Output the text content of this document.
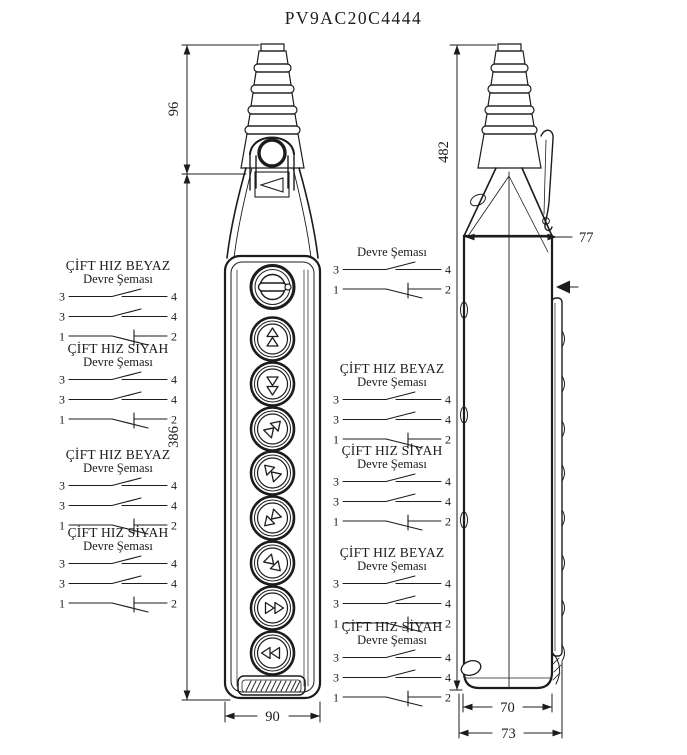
PV9AC20C4444
96
386
482
77
90
70
73
ÇİFT HIZ BEYAZ
Devre Şeması
3	4
3	4
1	2
ÇİFT HIZ SİYAH
Devre Şeması
3	4
3	4
1	2
ÇİFT HIZ BEYAZ
Devre Şeması
3	4
3	4
1	2
ÇİFT HIZ SİYAH
Devre Şeması
3	4
3	4
1	2
Devre Şeması
3	4
1	2
ÇİFT HIZ BEYAZ
Devre Şeması
3	4
3	4
1	2
ÇİFT HIZ SİYAH
Devre Şeması
3	4
3	4
1	2
ÇİFT HIZ BEYAZ
Devre Şeması
3	4
3	4
1	2
ÇİFT HIZ SİYAH
Devre Şeması
3	4
3	4
1	2
